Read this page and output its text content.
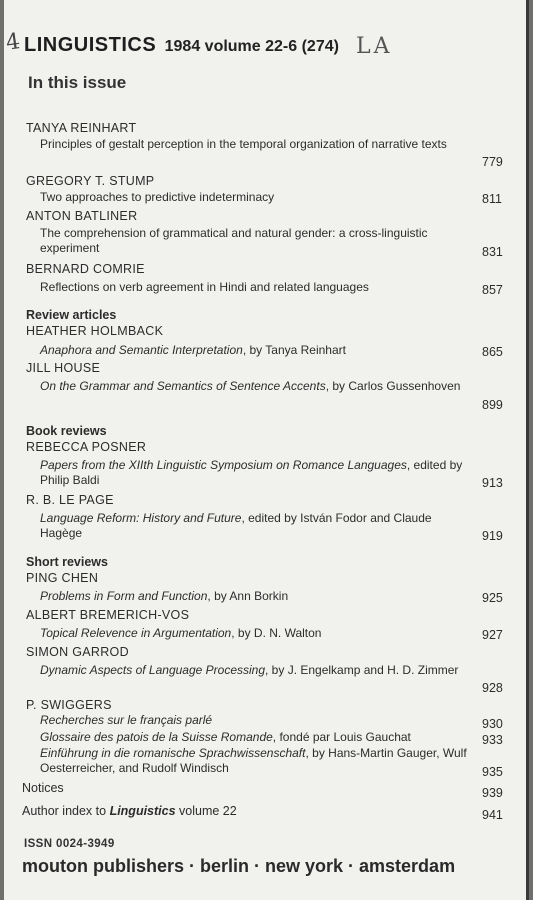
4 LINGUISTICS 1984 volume 22-6 (274) LA
In this issue
TANYA REINHART
Principles of gestalt perception in the temporal organization of narrative texts
779
GREGORY T. STUMP
Two approaches to predictive indeterminacy	811
ANTON BATLINER
The comprehension of grammatical and natural gender: a cross-linguistic experiment	831
BERNARD COMRIE
Reflections on verb agreement in Hindi and related languages	857
Review articles
HEATHER HOLMBACK
Anaphora and Semantic Interpretation, by Tanya Reinhart	865
JILL HOUSE
On the Grammar and Semantics of Sentence Accents, by Carlos Gussenhoven
899
Book reviews
REBECCA POSNER
Papers from the XIIth Linguistic Symposium on Romance Languages, edited by Philip Baldi	913
R. B. LE PAGE
Language Reform: History and Future, edited by István Fodor and Claude Hagège	919
Short reviews
PING CHEN
Problems in Form and Function, by Ann Borkin	925
ALBERT BREMERICH-VOS
Topical Relevence in Argumentation, by D. N. Walton	927
SIMON GARROD
Dynamic Aspects of Language Processing, by J. Engelkamp and H. D. Zimmer
928
P. SWIGGERS
Recherches sur le français parlé	930
Glossaire des patois de la Suisse Romande, fondé par Louis Gauchat	933
Einführung in die romanische Sprachwissenschaft, by Hans-Martin Gauger, Wulf Oesterreicher, and Rudolf Windisch	935
Notices	939
Author index to Linguistics volume 22	941
ISSN 0024-3949
mouton publishers · berlin · new york · amsterdam
